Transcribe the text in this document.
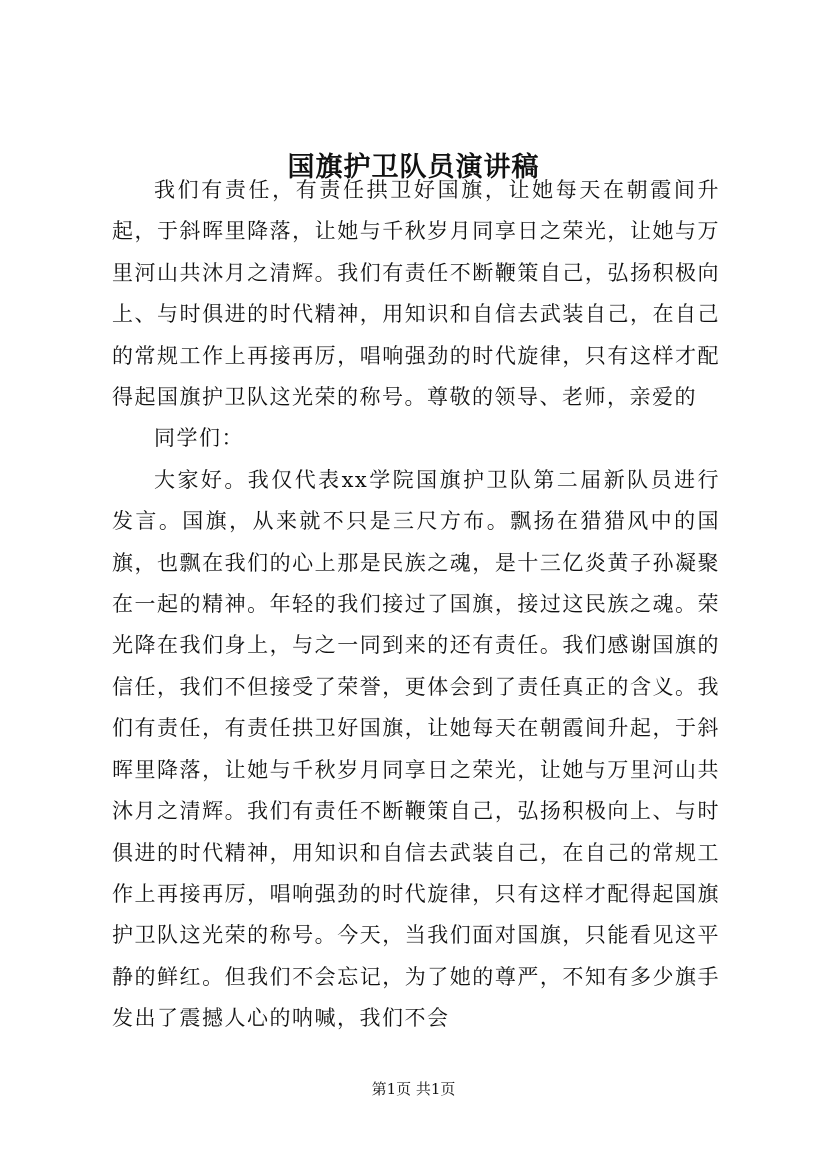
国旗护卫队员演讲稿

我们有责任，有责任拱卫好国旗，让她每天在朝霞间升起，于斜晖里降落，让她与千秋岁月同享日之荣光，让她与万里河山共沐月之清辉。我们有责任不断鞭策自己，弘扬积极向上、与时俱进的时代精神，用知识和自信去武装自己，在自己的常规工作上再接再厉，唱响强劲的时代旋律，只有这样才配得起国旗护卫队这光荣的称号。尊敬的领导、老师，亲爱的

同学们：

大家好。我仅代表xx学院国旗护卫队第二届新队员进行发言。国旗，从来就不只是三尺方布。飘扬在猎猎风中的国旗，也飘在我们的心上那是民族之魂，是十三亿炎黄子孙凝聚在一起的精神。年轻的我们接过了国旗，接过这民族之魂。荣光降在我们身上，与之一同到来的还有责任。我们感谢国旗的信任，我们不但接受了荣誉，更体会到了责任真正的含义。我们有责任，有责任拱卫好国旗，让她每天在朝霞间升起，于斜晖里降落，让她与千秋岁月同享日之荣光，让她与万里河山共沐月之清辉。我们有责任不断鞭策自己，弘扬积极向上、与时俱进的时代精神，用知识和自信去武装自己，在自己的常规工作上再接再厉，唱响强劲的时代旋律，只有这样才配得起国旗护卫队这光荣的称号。今天，当我们面对国旗，只能看见这平静的鲜红。但我们不会忘记，为了她的尊严，不知有多少旗手发出了震撼人心的呐喊，我们不会

第1页 共1页
